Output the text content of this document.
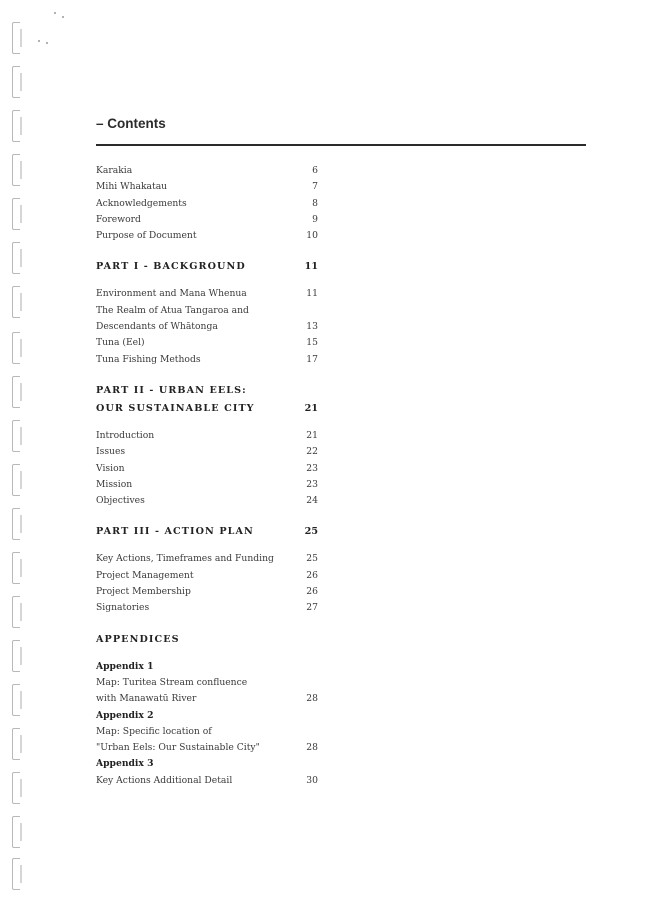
– Contents
Karakia	6
Mihi Whakatau	7
Acknowledgements	8
Foreword	9
Purpose of Document	10
PART I - BACKGROUND	11
Environment and Mana Whenua	11
The Realm of Atua Tangaroa and
Descendants of Whātonga	13
Tuna (Eel)	15
Tuna Fishing Methods	17
PART II - URBAN EELS:
OUR SUSTAINABLE CITY	21
Introduction	21
Issues	22
Vision	23
Mission	23
Objectives	24
PART III - ACTION PLAN	25
Key Actions, Timeframes and Funding	25
Project Management	26
Project Membership	26
Signatories	27
APPENDICES
Appendix 1
Map: Turitea Stream confluence
with Manawatū River	28
Appendix 2
Map: Specific location of
"Urban Eels: Our Sustainable City"	28
Appendix 3
Key Actions Additional Detail	30
